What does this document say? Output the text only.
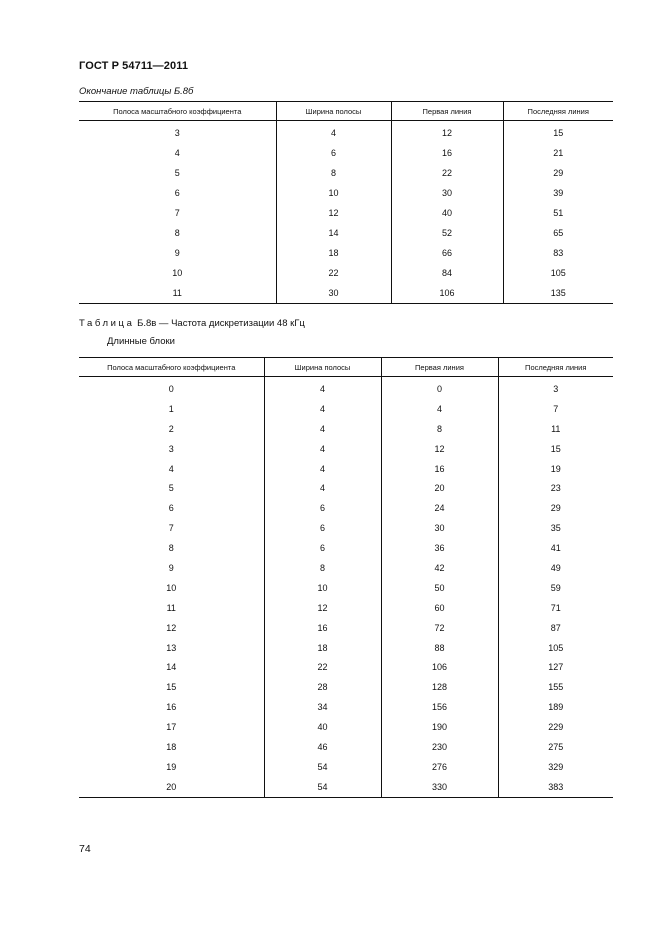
ГОСТ Р 54711—2011
Окончание таблицы Б.8б
Полоса масштабного коэффициента	Ширина полосы	Первая линия	Последняя линия
3	4	12	15
4	6	16	21
5	8	22	29
6	10	30	39
7	12	40	51
8	14	52	65
9	18	66	83
10	22	84	105
11	30	106	135
Таблица Б.8в — Частота дискретизации 48 кГц
Длинные блоки
Полоса масштабного коэффициента	Ширина полосы	Первая линия	Последняя линия
0	4	0	3
1	4	4	7
2	4	8	11
3	4	12	15
4	4	16	19
5	4	20	23
6	6	24	29
7	6	30	35
8	6	36	41
9	8	42	49
10	10	50	59
11	12	60	71
12	16	72	87
13	18	88	105
14	22	106	127
15	28	128	155
16	34	156	189
17	40	190	229
18	46	230	275
19	54	276	329
20	54	330	383
74
